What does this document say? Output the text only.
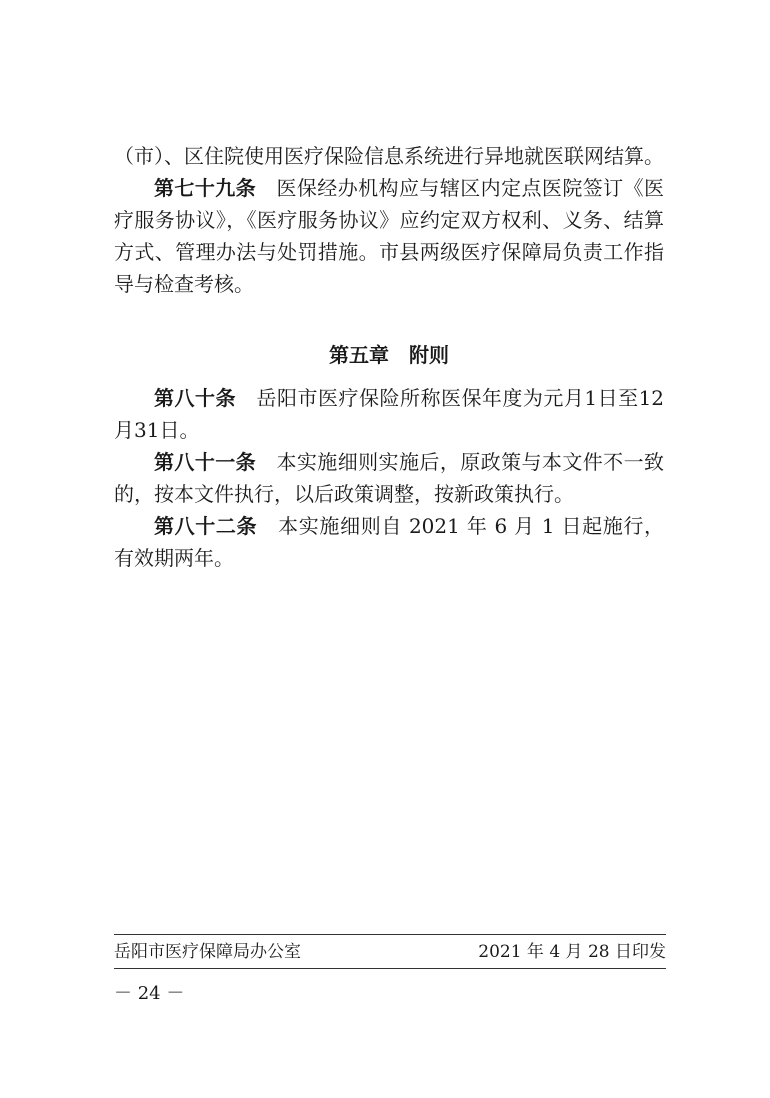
（市）、区住院使用医疗保险信息系统进行异地就医联网结算。

第七十九条 医保经办机构应与辖区内定点医院签订《医疗服务协议》，《医疗服务协议》应约定双方权利、义务、结算方式、管理办法与处罚措施。市县两级医疗保障局负责工作指导与检查考核。

第五章 附则

第八十条 岳阳市医疗保险所称医保年度为元月1日至12月31日。

第八十一条 本实施细则实施后，原政策与本文件不一致的，按本文件执行，以后政策调整，按新政策执行。

第八十二条 本实施细则自 2021 年 6 月 1 日起施行，有效期两年。

岳阳市医疗保障局办公室	2021 年 4 月 28 日印发
－ 24 －
